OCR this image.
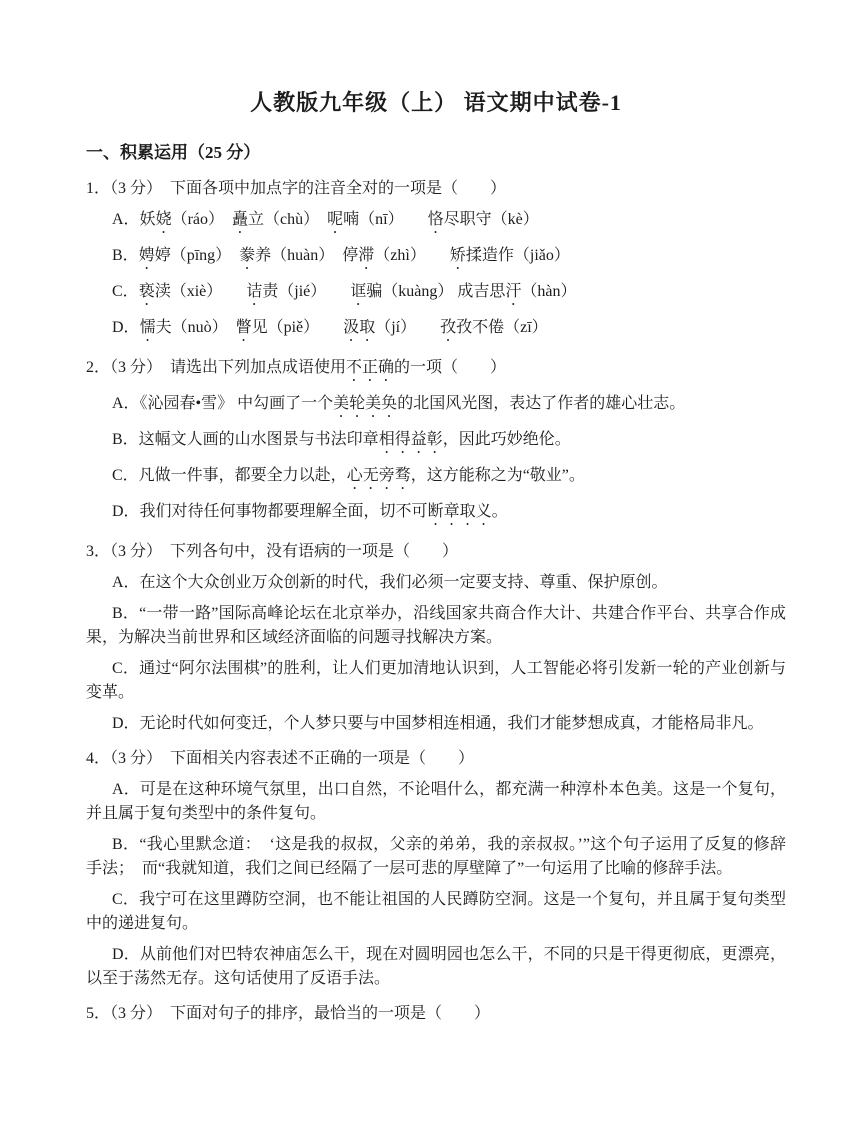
人教版九年级（上） 语文期中试卷-1
一、积累运用（25 分）

1．（3 分）　下面各项中加点字的注音全对的一项是（　　）

A．妖娆（ráo）　矗立（chù）　呢喃（nī）　　恪尽职守（kè）

B．娉婷（pīng）　豢养（huàn）　停滞（zhì）　　矫揉造作（jiǎo）

C．亵渎（xiè）　　诘责（jié）　　诓骗（kuàng） 成吉思汗（hàn）

D．懦夫（nuò）　瞥见（piě）　　汲取（jí）　　孜孜不倦（zī）

2．（3 分）　请选出下列加点成语使用不正确的一项（　　）

A．《沁园春•雪》 中勾画了一个美轮美奂的北国风光图，表达了作者的雄心壮志。

B．这幅文人画的山水图景与书法印章相得益彰，因此巧妙绝伦。

C．凡做一件事，都要全力以赴，心无旁骛，这方能称之为“敬业”。

D．我们对待任何事物都要理解全面，切不可断章取义。

3．（3 分）　下列各句中，没有语病的一项是（　　）

A．在这个大众创业万众创新的时代，我们必须一定要支持、尊重、保护原创。

B．“一带一路”国际高峰论坛在北京举办，沿线国家共商合作大计、共建合作平台、共享合作成果，为解决当前世界和区域经济面临的问题寻找解决方案。

C．通过“阿尔法围棋”的胜利，让人们更加清地认识到，人工智能必将引发新一轮的产业创新与变革。

D．无论时代如何变迁，个人梦只要与中国梦相连相通，我们才能梦想成真，才能格局非凡。

4．（3 分）　下面相关内容表述不正确的一项是（　　）

A．可是在这种环境气氛里，出口自然，不论唱什么，都充满一种淳朴本色美。这是一个复句，并且属于复句类型中的条件复句。

B．“我心里默念道：　‘这是我的叔叔，父亲的弟弟，我的亲叔叔。’”这个句子运用了反复的修辞手法；　而“我就知道，我们之间已经隔了一层可悲的厚壁障了”一句运用了比喻的修辞手法。

C．我宁可在这里蹲防空洞，也不能让祖国的人民蹲防空洞。这是一个复句，并且属于复句类型中的递进复句。

D．从前他们对巴特农神庙怎么干，现在对圆明园也怎么干，不同的只是干得更彻底，更漂亮，以至于荡然无存。这句话使用了反语手法。

5．（3 分）　下面对句子的排序，最恰当的一项是（　　）
